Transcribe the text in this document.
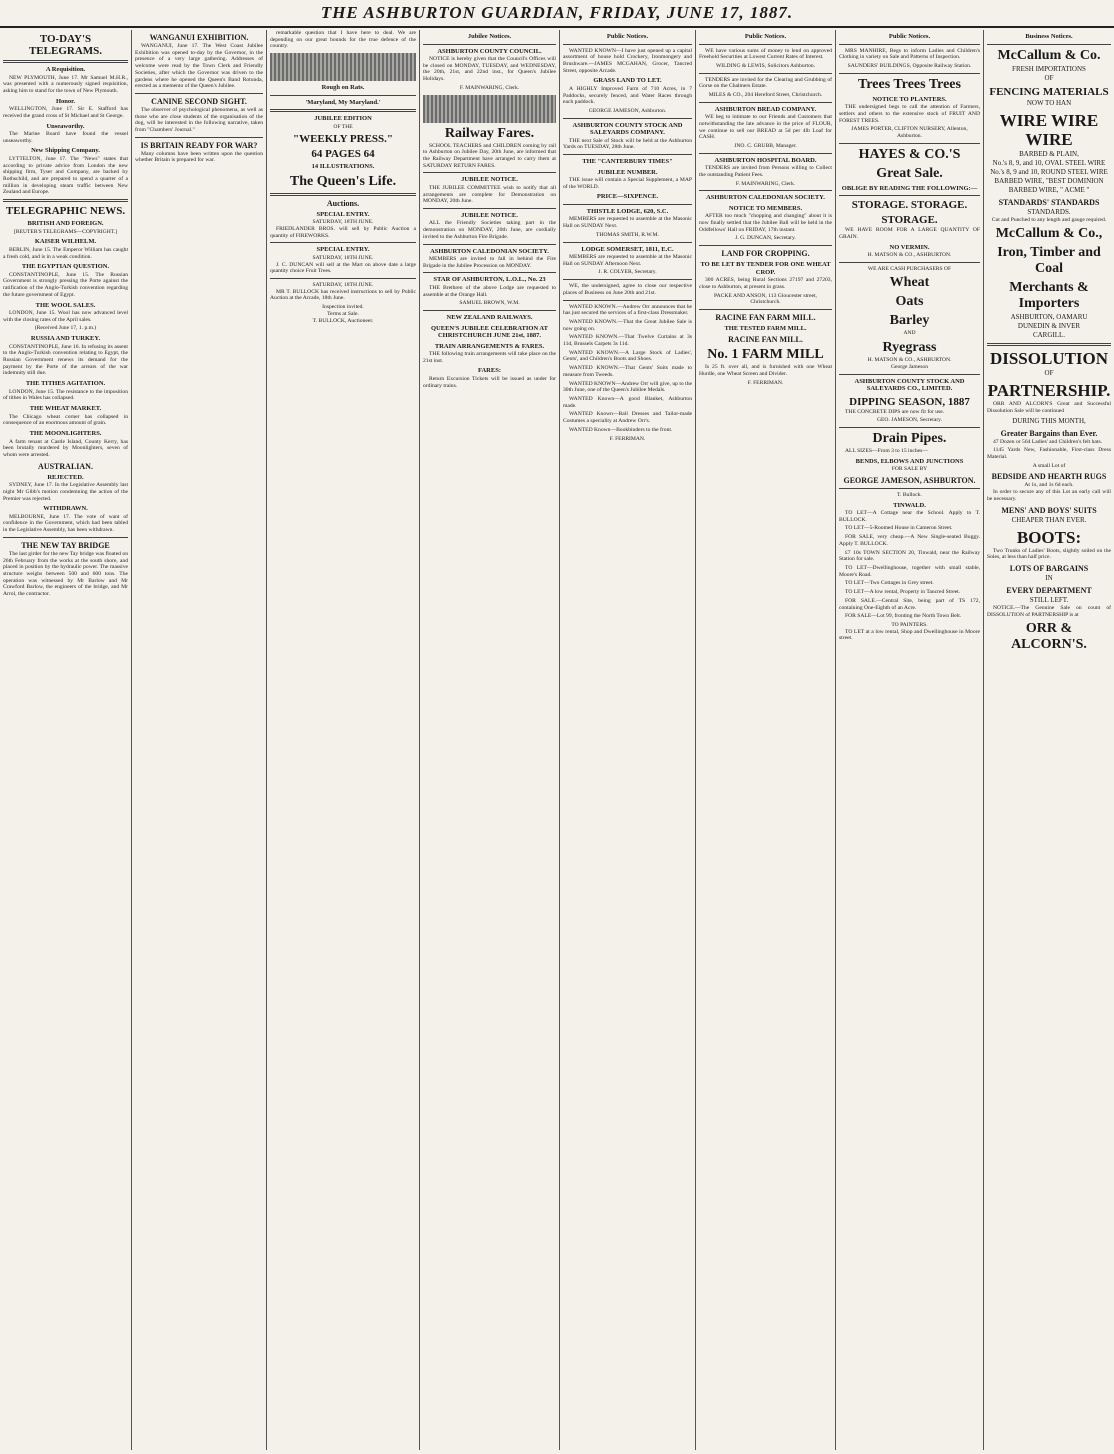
THE ASHBURTON GUARDIAN, FRIDAY, JUNE 17, 1887.
TO-DAY'S TELEGRAMS.
A Requisition.

NEW PLYMOUTH, June 17. Mr Samuel M.H.R., was presented with a numerously signed requisition, asking him to stand for the town of New Plymouth.

Honor.

WELLINGTON, June 17. Sir E. Stafford has received the grand cross of St Michael and St George.

Unseaworthy.

The Marine Board have found the vessel unseaworthy.

New Shipping Company.

LYTTELTON, June 17. The "News" states that according to private advice from London the new shipping firm, Tyser and Company, are backed by Rothschild, and are prepared to spend a quarter of a million in developing steam traffic between New Zealand and Europe.

TELEGRAPHIC NEWS.
BRITISH AND FOREIGN.
[REUTER'S TELEGRAMS—COPYRIGHT.]
KAISER WILHELM.

BERLIN, June 15. The Emperor William has caught a fresh cold, and is in a weak condition.

THE EGYPTIAN QUESTION.

CONSTANTINOPLE, June 15. The Russian Government is strongly pressing the Porte against the ratification of the Anglo-Turkish convention regarding the future government of Egypt.

THE WOOL SALES.

LONDON, June 15. Wool has now advanced level with the closing rates of the April sales.

(Received June 17, 1. p.m.)
RUSSIA AND TURKEY.

CONSTANTINOPLE, June 16. In refusing its assent to the Anglo-Turkish convention relating to Egypt, the Russian Government renews its demand for the payment by the Porte of the arrears of the war indemnity still due.

THE TITHES AGITATION.

LONDON, June 15. The resistance to the imposition of tithes in Wales has collapsed.

THE WHEAT MARKET.

The Chicago wheat corner has collapsed in consequence of an enormous amount of grain.

THE MOONLIGHTERS.

A farm tenant at Castle Island, County Kerry, has been brutally murdered by Moonlighters, seven of whom were arrested.

AUSTRALIAN.
REJECTED.

SYDNEY, June 17. In the Legislative Assembly last night Mr Gibb's motion condemning the action of the Premier was rejected.

WITHDRAWN.

MELBOURNE, June 17. The vote of want of confidence in the Government, which had been tabled in the Legislative Assembly, has been withdrawn.

THE NEW TAY BRIDGE

The last girder for the new Tay bridge was floated on 26th February from the works at the south shore, and placed in position by the hydraulic power. The massive structure weighs between 500 and 600 tons. The operation was witnessed by Mr Barlow and Mr Crawford Barlow, the engineers of the bridge, and Mr Arrol, the contractor.

WANGANUI EXHIBITION.

WANGANUI, June 17. The West Coast Jubilee Exhibition was opened to-day by the Governor, in the presence of a very large gathering. Addresses of welcome were read by the Town Clerk and Friendly Societies, after which the Governor was driven to the gardens where he opened the Queen's Band Rotunda, erected as a memento of the Queen's Jubilee.

CANINE SECOND SIGHT.

The observer of psychological phenomena, as well as those who are close students of the organisation of the dog, will be interested in the following narrative, taken from "Chambers' Journal."

IS BRITAIN READY FOR WAR?

Many columns have been written upon the question whether Britain is prepared for war.

remarkable question that I have here to deal. We are depending on our great bounds for the true defence of the country.

Rough on Rats.
'Maryland, My Maryland.'
JUBILEE EDITION
OF THE
"WEEKLY PRESS."
64 PAGES 64
14 ILLUSTRATIONS.
The Queen's Life.
Auctions.
SPECIAL ENTRY.
SATURDAY, 18TH JUNE.

FRIEDLANDER BROS. will sell by Public Auction a quantity of FIREWORKS.

SPECIAL ENTRY.
SATURDAY, 18TH JUNE.

J. C. DUNCAN will sell at the Mart on above date a large quantity choice Fruit Trees.

SATURDAY, 18TH JUNE.

MR T. BULLOCK has received instructions to sell by Public Auction at the Arcade, 18th June.

Inspection invited.
Terms at Sale.
T. BULLOCK, Auctioneer.
Jubilee Notices.
ASHBURTON COUNTY COUNCIL.

NOTICE is hereby given that the Council's Offices will be closed on MONDAY, TUESDAY, and WEDNESDAY, the 20th, 21st, and 22nd inst., for Queen's Jubilee Holidays.

F. MAINWARING, Clerk.
Railway Fares.

SCHOOL TEACHERS and CHILDREN coming by rail to Ashburton on Jubilee Day, 20th June, are informed that the Railway Department have arranged to carry them at SATURDAY RETURN FARES.

JUBILEE NOTICE.

THE JUBILEE COMMITTEE wish to notify that all arrangements are complete for Demonstration on MONDAY, 20th June.

JUBILEE NOTICE.

ALL the Friendly Societies taking part in the demonstration on MONDAY, 20th June, are cordially invited to the Ashburton Fire Brigade.

ASHBURTON CALEDONIAN SOCIETY.

MEMBERS are invited to fall in behind the Fire Brigade in the Jubilee Procession on MONDAY.

STAR OF ASHBURTON, L.O.L., No. 23

THE Brethren of the above Lodge are requested to assemble at the Orange Hall.

SAMUEL BROWN, W.M.
NEW ZEALAND RAILWAYS.
QUEEN'S JUBILEE CELEBRATION AT CHRISTCHURCH JUNE 21st, 1887.
TRAIN ARRANGEMENTS & FARES.

THE following train arrangements will take place on the 21st inst.

FARES:

Return Excursion Tickets will be issued as under for ordinary trains.

Public Notices.

WANTED KNOWN—I have just opened up a capital assortment of house hold Crockery, Ironmongery and Brushware.—JAMES MCGAHAN, Grocer, Tancred Street, opposite Arcade.

GRASS LAND TO LET.

A HIGHLY Improved Farm of 710 Acres, in 7 Paddocks, securely fenced, and Water Races through each paddock.

GEORGE JAMESON, Ashburton.
ASHBURTON COUNTY STOCK AND SALEYARDS COMPANY.

THE next Sale of Stock will be held at the Ashburton Yards on TUESDAY, 28th June.

THE "CANTERBURY TIMES"
JUBILEE NUMBER.

THE issue will contain a Special Supplement, a MAP of the WORLD.

PRICE—SIXPENCE.
THISTLE LODGE, 620, S.C.

MEMBERS are requested to assemble at the Masonic Hall on SUNDAY Next.

THOMAS SMITH, R.W.M.
LODGE SOMERSET, 1811, E.C.

MEMBERS are requested to assemble at the Masonic Hall on SUNDAY Afternoon Next.

J. R. COLYER, Secretary.

WE, the undersigned, agree to close our respective places of Business on June 20th and 21st.

WANTED KNOWN.—Andrew Orr announces that he has just secured the services of a first-class Dressmaker.

WANTED KNOWN.—That the Great Jubilee Sale is now going on.

WANTED KNOWN.—That Twelve Curtains at 3s 11d, Brussels Carpets 3s 11d.

WANTED KNOWN.—A Large Stock of Ladies', Gents', and Children's Boots and Shoes.

WANTED KNOWN.—That Gents' Suits made to measure from Tweeds.

WANTED KNOWN—Andrew Orr will give, up to the 30th June, one of the Queen's Jubilee Medals.

WANTED Known—A good Blanket, Ashburton made.

WANTED Known—Ball Dresses and Tailor-made Costumes a speciality at Andrew Orr's.

WANTED Known—Bookbinders to the front.

F. FERRIMAN.
Public Notices.

WE have various sums of money to lend on approved Freehold Securities at Lowest Current Rates of Interest.

WILDING & LEWIS, Solicitors Ashburton.

TENDERS are invited for the Clearing and Grubbing of Gorse on the Chalmers Estate.

MILES & CO., 204 Hereford Street, Christchurch.
ASHBURTON BREAD COMPANY.

WE beg to intimate to our Friends and Customers that notwithstanding the late advance in the price of FLOUR, we continue to sell our BREAD at 5d per 4lb Loaf for CASH.

JNO. C. GRUBB, Manager.
ASHBURTON HOSPITAL BOARD.

TENDERS are invited from Persons willing to Collect the outstanding Patient Fees.

F. MAINWARING, Clerk.
ASHBURTON CALEDONIAN SOCIETY.
NOTICE TO MEMBERS.

AFTER too much "chopping and changing" about it is now finally settled that the Jubilee Ball will be held in the Oddfellows' Hall on FRIDAY, 17th instant.

J. G. DUNCAN, Secretary.
LAND FOR CROPPING.
TO BE LET BY TENDER FOR ONE WHEAT CROP.

300 ACRES, being Rural Sections 27197 and 27203, close to Ashburton, at present in grass.

PACKE AND ANSON, 113 Gloucester street, Christchurch.
RACINE FAN FARM MILL.
THE TESTED FARM MILL.
RACINE FAN MILL.
No. 1 FARM MILL

Is 25 ft. over all, and is furnished with one Wheat Hurdle, one Wheat Screen and Divider.

F. FERRIMAN.
Public Notices.

MRS MANHIRE, Begs to inform Ladies and Children's Clothing in variety on Sale and Patterns of Inspection.

SAUNDERS' BUILDINGS, Opposite Railway Station.
Trees Trees Trees
NOTICE TO PLANTERS.

THE undersigned begs to call the attention of Farmers, settlers and others to the extensive stock of FRUIT AND FOREST TREES.

JAMES PORTER, CLIFTON NURSERY, Allenton, Ashburton.
HAYES & CO.'S
Great Sale.
OBLIGE BY READING THE FOLLOWING:—
STORAGE. STORAGE.
STORAGE.

WE HAVE ROOM FOR A LARGE QUANTITY OF GRAIN.

NO VERMIN.
H. MATSON & CO., ASHBURTON.
WE ARE CASH PURCHASERS OF
Wheat
Oats
Barley
AND
Ryegrass
H. MATSON & CO., ASHBURTON.
George Jameson
ASHBURTON COUNTY STOCK AND SALEYARDS CO., LIMITED.
DIPPING SEASON, 1887

THE CONCRETE DIPS are now fit for use.

GEO. JAMESON, Secretary.
Drain Pipes.

ALL SIZES—From 3 to 15 inches—

BENDS, ELBOWS AND JUNCTIONS
FOR SALE BY
GEORGE JAMESON, ASHBURTON.
T. Bullock.
TINWALD.

TO LET—A Cottage near the School. Apply to T. BULLOCK.

TO LET—5-Roomed House in Cameron Street.

FOR SALE, very cheap.—A New Single-seated Buggy. Apply T. BULLOCK.

£7 10s TOWN SECTION 20, Tinwald, near the Railway Station for sale.

TO LET—Dwellinghouse, together with small stable, Moore's Road.

TO LET—Two Cottages in Grey street.

TO LET—A low rental, Property in Tancred Street.

FOR SALE.—Central Site, being part of TS 172, containing One-Eighth of an Acre.

FOR SALE—Lot 99, fronting the North Town Belt.

TO PAINTERS.

TO LET at a low rental, Shop and Dwellinghouse in Moore street.

Business Notices.
McCallum & Co.
FRESH IMPORTATIONS
OF
FENCING MATERIALS
NOW TO HAN
WIRE WIRE WIRE
BARBED & PLAIN,
No.'s 8, 9, and 10, OVAL STEEL WIRE
No.'s 8, 9 and 10, ROUND STEEL WIRE
BARBED WIRE, "BEST DOMINION
BARBED WIRE, " ACME "
STANDARDS' STANDARDS
STANDARDS.
Cut and Punched to any length and gauge required.
McCallum & Co.,
Iron, Timber and Coal
Merchants & Importers
ASHBURTON, OAMARU
DUNEDIN & INVER
CARGILL.
DISSOLUTION
OF
PARTNERSHIP.

ORR AND ALCORN'S Great and Successful Dissolution Sale will be continued

DURING THIS MONTH,
Greater Bargains than Ever.

47 Dozen or 564 Ladies' and Children's felt hats.

1145 Yards New, Fashionable, First-class Dress Material.

A small Lot of
BEDSIDE AND HEARTH RUGS
At 1s, and 1s 6d each.

In order to secure any of this Lot an early call will be necessary.

MENS' AND BOYS' SUITS
CHEAPER THAN EVER.
BOOTS:

Two Trunks of Ladies' Boots, slightly soiled on the Soles, at less than half price.

LOTS OF BARGAINS
IN
EVERY DEPARTMENT
STILL LEFT.

NOTICE.—The Genuine Sale on count of DISSOLUTION of PARTNERSHIP is at

ORR & ALCORN'S.
